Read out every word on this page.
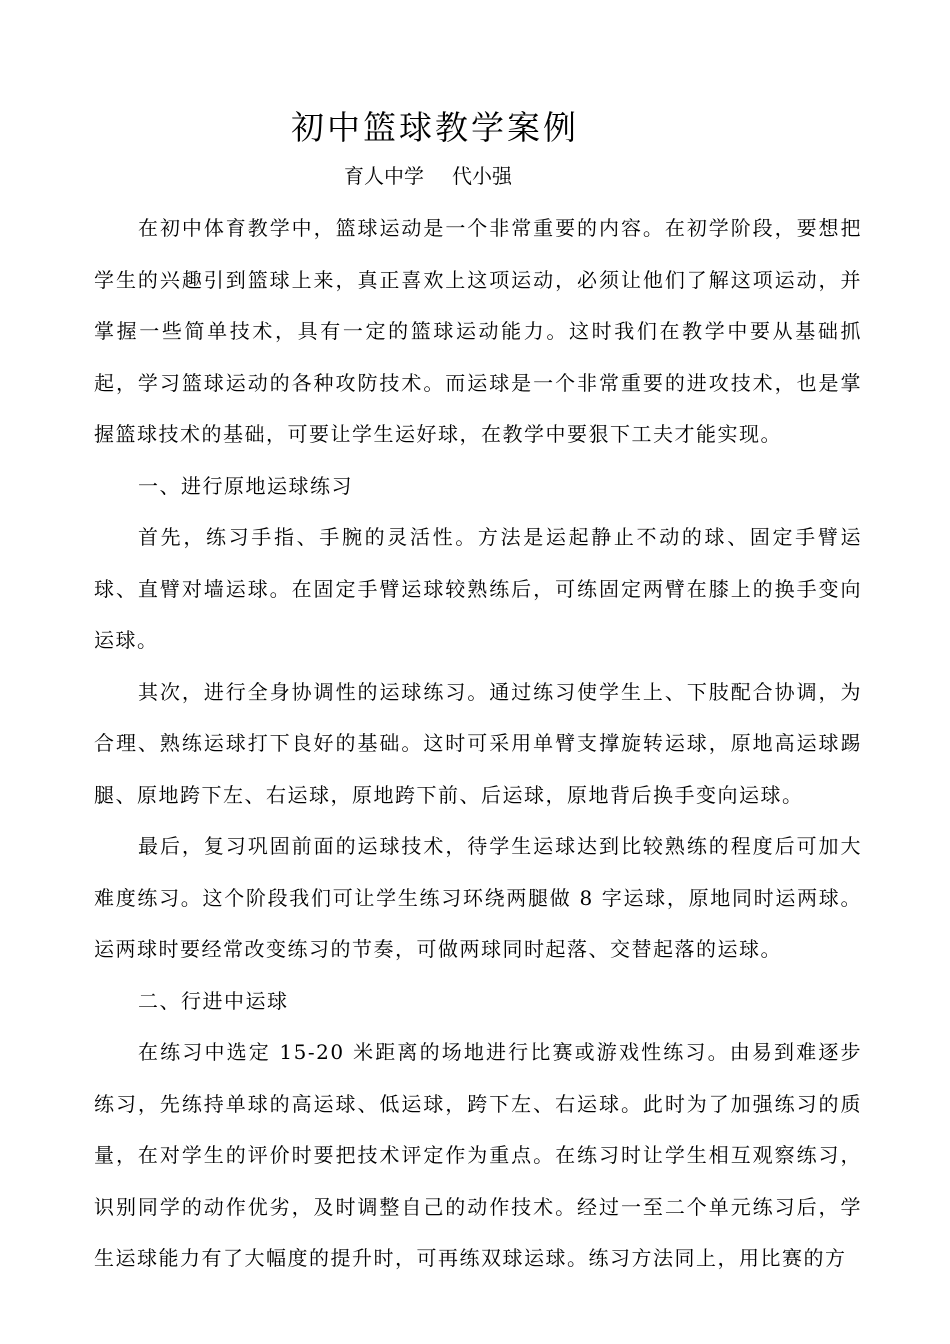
初中篮球教学案例
育人中学 代小强

在初中体育教学中，篮球运动是一个非常重要的内容。在初学阶段，要想把学生的兴趣引到篮球上来，真正喜欢上这项运动，必须让他们了解这项运动，并掌握一些简单技术，具有一定的篮球运动能力。这时我们在教学中要从基础抓起，学习篮球运动的各种攻防技术。而运球是一个非常重要的进攻技术，也是掌握篮球技术的基础，可要让学生运好球，在教学中要狠下工夫才能实现。

一、进行原地运球练习

首先，练习手指、手腕的灵活性。方法是运起静止不动的球、固定手臂运球、直臂对墙运球。在固定手臂运球较熟练后，可练固定两臂在膝上的换手变向运球。

其次，进行全身协调性的运球练习。通过练习使学生上、下肢配合协调，为合理、熟练运球打下良好的基础。这时可采用单臂支撑旋转运球，原地高运球踢腿、原地跨下左、右运球，原地跨下前、后运球，原地背后换手变向运球。

最后，复习巩固前面的运球技术，待学生运球达到比较熟练的程度后可加大难度练习。这个阶段我们可让学生练习环绕两腿做 8 字运球，原地同时运两球。运两球时要经常改变练习的节奏，可做两球同时起落、交替起落的运球。

二、行进中运球

在练习中选定 15-20 米距离的场地进行比赛或游戏性练习。由易到难逐步练习，先练持单球的高运球、低运球，跨下左、右运球。此时为了加强练习的质量，在对学生的评价时要把技术评定作为重点。在练习时让学生相互观察练习，识别同学的动作优劣，及时调整自己的动作技术。经过一至二个单元练习后，学生运球能力有了大幅度的提升时，可再练双球运球。练习方法同上，用比赛的方
